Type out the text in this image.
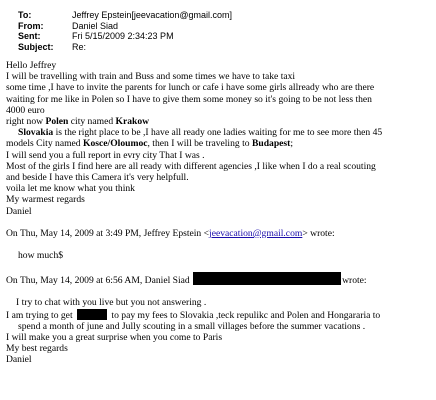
To:	Jeffrey Epstein[jeevacation@gmail.com]
From:	Daniel Siad
Sent:	Fri 5/15/2009 2:34:23 PM
Subject:	Re:

Hello Jeffrey

I will be travelling with train and Buss and some times we have to take taxi

some time ,I have to invite the parents for lunch or cafe i have some girls allready who are there

waiting for me like in Polen so I have to give them some money so it's going to be not less then

4000 euro

right now Polen city named Krakow

Slovakia is the right place to be ,I have all ready one ladies waiting for me to see more then 45

models City named Kosce/Oloumoc, then I will be traveling to Budapest;

I will send you a full report in evry city That I was .

Most of the girls I find here are all ready with different agencies ,I like when I do a real scouting

and beside I have this Camera it's very helpfull.

voila let me know what you think

My warmest regards

Daniel

On Thu, May 14, 2009 at 3:49 PM, Jeffrey Epstein <jeevacation@gmail.com> wrote:

how much$

On Thu, May 14, 2009 at 6:56 AM, Daniel Siad	wrote:

I try to chat with you live but you not answering .

I am trying to get	to pay my fees to Slovakia ,teck repulikc and Polen and Hongararia to

spend a month of june and Jully scouting in a small villages before the summer vacations .

I will make you a great surprise when you come to Paris

My best regards

Daniel
